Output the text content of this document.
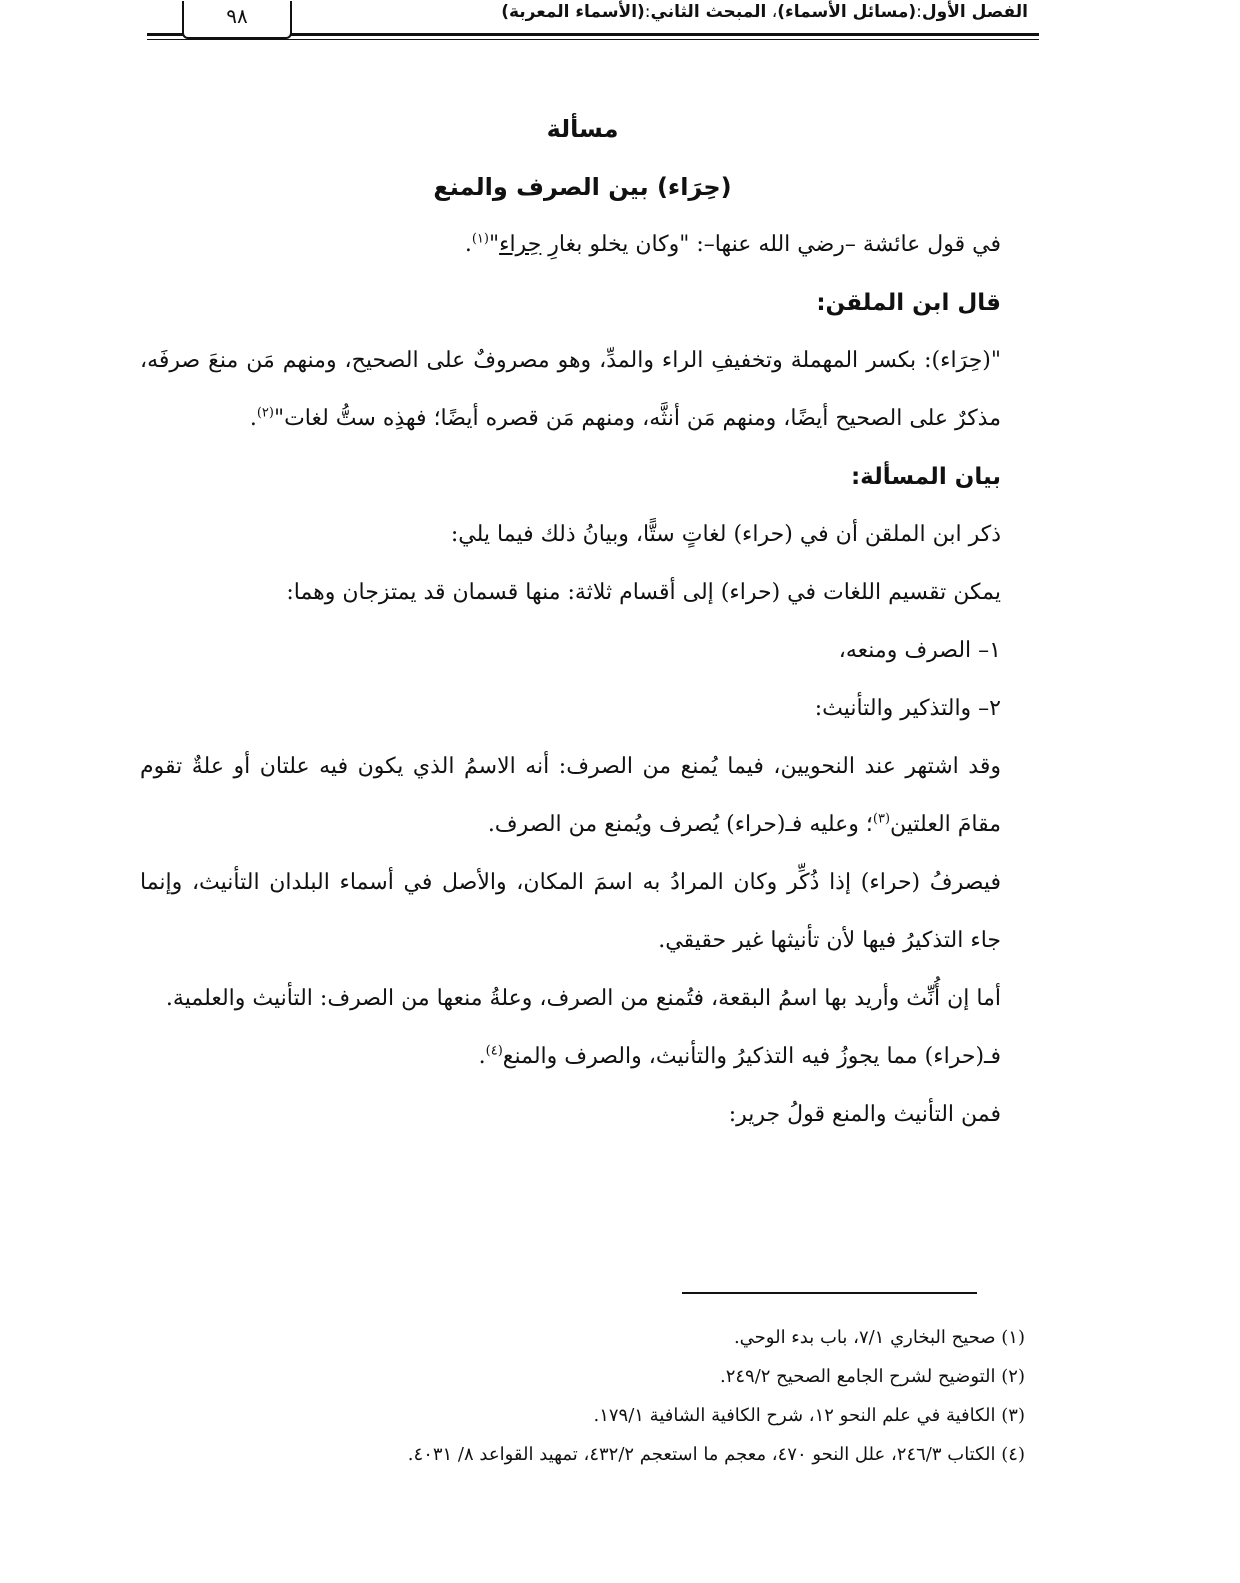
الفصل الأول:(مسائل الأسماء)، المبحث الثاني:(الأسماء المعربة)
٩٨

مسألة

(حِرَاء) بين الصرف والمنع

في قول عائشة –رضي الله عنها–: "وكان يخلو بغارِ حِراء"$^{(١)}$.

قال ابن الملقن:

"(حِرَاء): بكسر المهملة وتخفيفِ الراء والمدِّ، وهو مصروفٌ على الصحيح، ومنهم مَن منعَ صرفَه، مذكرٌ على الصحيح أيضًا، ومنهم مَن أنثَّه، ومنهم مَن قصره أيضًا؛ فهذِه ستُّ لغات"$^{(٢)}$.

بيان المسألة:

ذكر ابن الملقن أن في (حراء) لغاتٍ ستًّا، وبيانُ ذلك فيما يلي:

يمكن تقسيم اللغات في (حراء) إلى أقسام ثلاثة: منها قسمان قد يمتزجان وهما:

١– الصرف ومنعه،

٢– والتذكير والتأنيث:

وقد اشتهر عند النحويين، فيما يُمنع من الصرف: أنه الاسمُ الذي يكون فيه علتان أو علةٌ تقوم مقامَ العلتين$^{(٣)}$؛ وعليه فـ(حراء) يُصرف ويُمنع من الصرف.

فيصرفُ (حراء) إذا ذُكِّر وكان المرادُ به اسمَ المكان، والأصل في أسماء البلدان التأنيث، وإنما جاء التذكيرُ فيها لأن تأنيثها غير حقيقي.

أما إن أُنِّث وأريد بها اسمُ البقعة، فتُمنع من الصرف، وعلةُ منعها من الصرف: التأنيث والعلمية.

فـ(حراء) مما يجوزُ فيه التذكيرُ والتأنيث، والصرف والمنع$^{(٤)}$.

فمن التأنيث والمنع قولُ جرير:

(١) صحيح البخاري ٧/١، باب بدء الوحي.

(٢) التوضيح لشرح الجامع الصحيح ٢٤٩/٢.

(٣) الكافية في علم النحو ١٢، شرح الكافية الشافية ١٧٩/١.

(٤) الكتاب ٢٤٦/٣، علل النحو ٤٧٠، معجم ما استعجم ٤٣٢/٢، تمهيد القواعد ٨/ ٤٠٣١.
